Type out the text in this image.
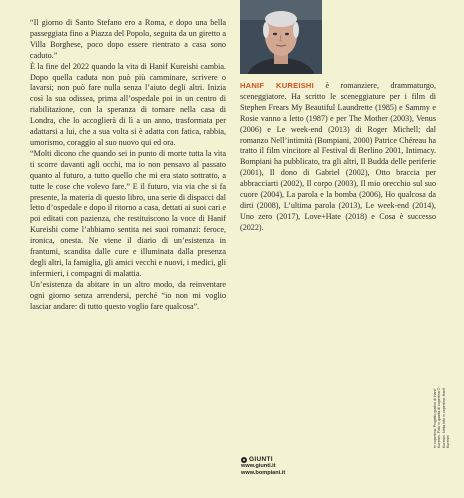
“Il giorno di Santo Stefano ero a Roma, e dopo una bella passeggiata fino a Piazza del Popolo, seguita da un giretto a Villa Borghese, poco dopo essere rientrato a casa sono caduto.”

È la fine del 2022 quando la vita di Hanif Kureishi cambia. Dopo quella caduta non può più camminare, scrivere o lavarsi; non può fare nulla senza l’aiuto degli altri. Inizia così la sua odissea, prima all’ospedale poi in un centro di riabilitazione, con la speranza di tornare nella casa di Londra, che lo accoglierà di lì a un anno, trasformata per adattarsi a lui, che a sua volta si è adatta con fatica, rabbia, umorismo, coraggio al suo nuovo qui ed ora.

“Molti dicono che quando sei in punto di morte tutta la vita ti scorre davanti agli occhi, ma io non pensavo al passato quanto al futuro, a tutto quello che mi era stato sottratto, a tutte le cose che volevo fare.” E il futuro, via via che si fa presente, la materia di questo libro, una serie di dispacci dal letto d’ospedale e dopo il ritorno a casa, dettati ai suoi cari e poi editati con pazienza, che restituiscono la voce di Hanif Kureishi come l’abbiamo sentita nei suoi romanzi: feroce, ironica, onesta. Ne viene il diario di un’esistenza in frantumi, scandita dalle cure e illuminata dalla presenza degli altri, la famiglia, gli amici vecchi e nuovi, i medici, gli infermieri, i compagni di malattia.

Un’esistenza da abitare in un altro modo, da reinventare ogni giorno senza arrendersi, perché “io non mi voglio lasciar andare: di tutto questo voglio fare qualcosa”.

HANIF KUREISHI è romanziere, drammaturgo, sceneggiatore. Ha scritto le sceneggiature per i film di Stephen Frears My Beautiful Laundrette (1985) e Sammy e Rosie vanno a letto (1987) e per The Mother (2003), Venus (2006) e Le week-end (2013) di Roger Michell; dal romanzo Nell’intimità (Bompiani, 2000) Patrice Chéreau ha tratto il film vincitore al Festival di Berlino 2001, Intimacy. Bompiani ha pubblicato, tra gli altri, Il Budda delle periferie (2001), Il dono di Gabriel (2002), Otto braccia per abbracciarti (2002), Il corpo (2003), Il mio orecchio sul suo cuore (2004), La parola e la bomba (2006), Ho qualcosa da dirti (2008), L’ultima parola (2013), Le week-end (2014), Uno zero (2017), Love+Hate (2018) e Cosa è successo (2022).
In copertina: Progetto grafico di Hanif Kureishi. Foto in quarta di copertina © Kureishi. Nella foto in copertina: Hanif Kureishi
GIUNTI
www.giunti.it
www.bompiani.it
